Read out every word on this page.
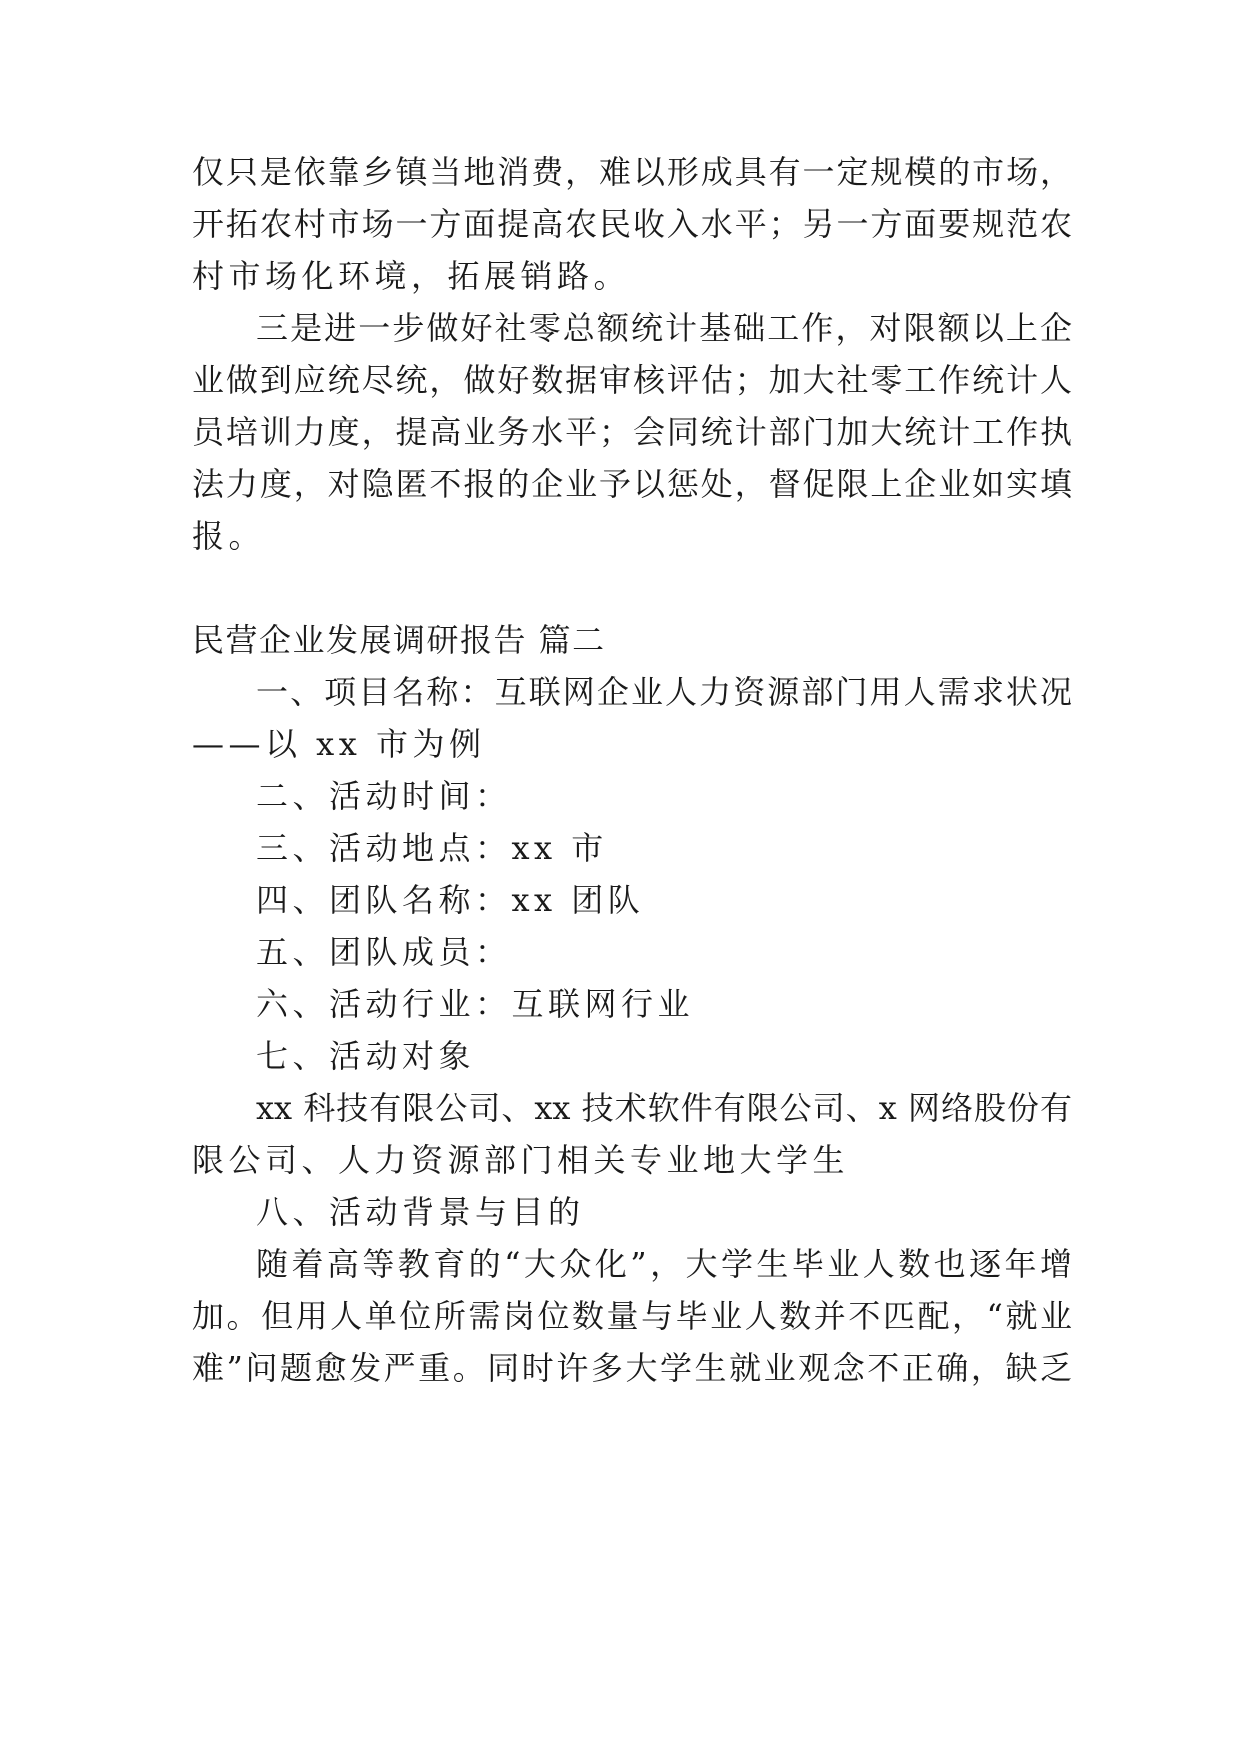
仅只是依靠乡镇当地消费，难以形成具有一定规模的市场，
开拓农村市场一方面提高农民收入水平；另一方面要规范农
村市场化环境，拓展销路。
三是进一步做好社零总额统计基础工作，对限额以上企
业做到应统尽统，做好数据审核评估；加大社零工作统计人
员培训力度，提高业务水平；会同统计部门加大统计工作执
法力度，对隐匿不报的企业予以惩处，督促限上企业如实填
报。
民营企业发展调研报告 篇二
一、项目名称：互联网企业人力资源部门用人需求状况
——以 xx 市为例
二、活动时间：
三、活动地点：xx 市
四、团队名称：xx 团队
五、团队成员：
六、活动行业：互联网行业
七、活动对象
xx 科技有限公司、xx 技术软件有限公司、x 网络股份有
限公司、人力资源部门相关专业地大学生
八、活动背景与目的
随着高等教育的“大众化”，大学生毕业人数也逐年增
加。但用人单位所需岗位数量与毕业人数并不匹配，“就业
难”问题愈发严重。同时许多大学生就业观念不正确，缺乏
